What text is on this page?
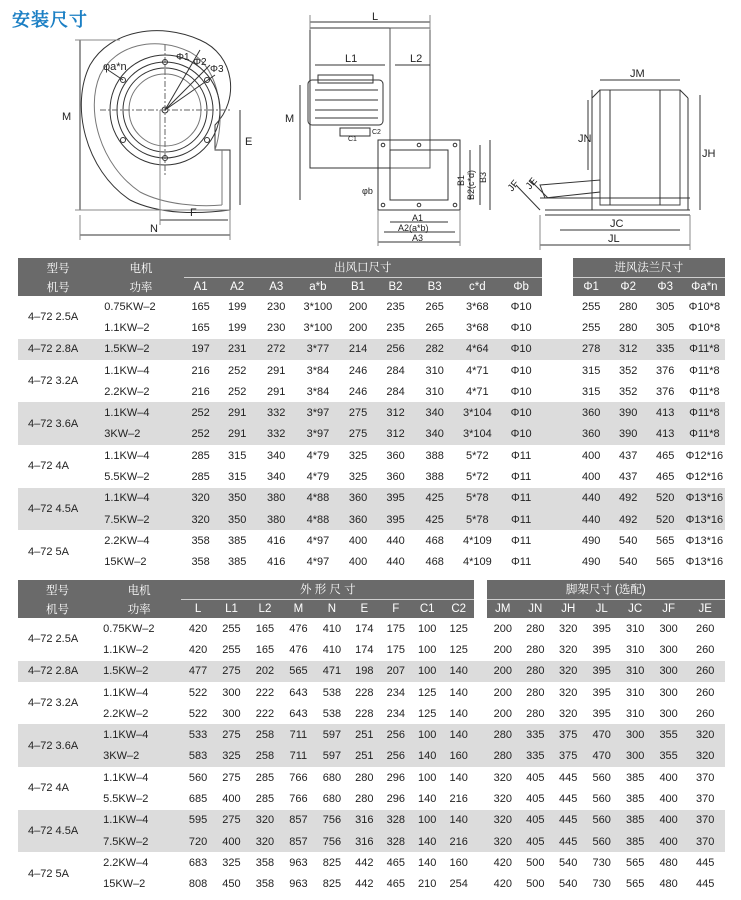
安装尺寸
M
φa*n
Φ1 Φ2
Φ3
E
F
N
L
L1	L2
M
C1
C2
B1 B2(c*d) B3
φb
A1
A2(a*b)
A3
JM
JN
JH
JF JE
JC
JL
型号	电机	出风口尺寸										进风法兰尺寸			
机号	功率	A1	A2	A3	a*b	B1	B2	B3	c*d	Φb		Φ1	Φ2	Φ3	Φa*n
4–72 2.5A	0.75KW–2	165	199	230	3*100	200	235	265	3*68	Φ10		255	280	305	Φ10*8
	1.1KW–2	165	199	230	3*100	200	235	265	3*68	Φ10		255	280	305	Φ10*8
4–72 2.8A	1.5KW–2	197	231	272	3*77	214	256	282	4*64	Φ10		278	312	335	Φ11*8
4–72 3.2A	1.1KW–4	216	252	291	3*84	246	284	310	4*71	Φ10		315	352	376	Φ11*8
	2.2KW–2	216	252	291	3*84	246	284	310	4*71	Φ10		315	352	376	Φ11*8
4–72 3.6A	1.1KW–4	252	291	332	3*97	275	312	340	3*104	Φ10		360	390	413	Φ11*8
	3KW–2	252	291	332	3*97	275	312	340	3*104	Φ10		360	390	413	Φ11*8
4–72 4A	1.1KW–4	285	315	340	4*79	325	360	388	5*72	Φ11		400	437	465	Φ12*16
	5.5KW–2	285	315	340	4*79	325	360	388	5*72	Φ11		400	437	465	Φ12*16
4–72 4.5A	1.1KW–4	320	350	380	4*88	360	395	425	5*78	Φ11		440	492	520	Φ13*16
	7.5KW–2	320	350	380	4*88	360	395	425	5*78	Φ11		440	492	520	Φ13*16
4–72 5A	2.2KW–4	358	385	416	4*97	400	440	468	4*109	Φ11		490	540	565	Φ13*16
	15KW–2	358	385	416	4*97	400	440	468	4*109	Φ11		490	540	565	Φ13*16
型号	电机	外 形 尺 寸										脚架尺寸 (选配)						
机号	功率	L	L1	L2	M	N	E	F	C1	C2		JM	JN	JH	JL	JC	JF	JE
4–72 2.5A	0.75KW–2	420	255	165	476	410	174	175	100	125		200	280	320	395	310	300	260
	1.1KW–2	420	255	165	476	410	174	175	100	125		200	280	320	395	310	300	260
4–72 2.8A	1.5KW–2	477	275	202	565	471	198	207	100	140		200	280	320	395	310	300	260
4–72 3.2A	1.1KW–4	522	300	222	643	538	228	234	125	140		200	280	320	395	310	300	260
	2.2KW–2	522	300	222	643	538	228	234	125	140		200	280	320	395	310	300	260
4–72 3.6A	1.1KW–4	533	275	258	711	597	251	256	100	140		280	335	375	470	300	355	320
	3KW–2	583	325	258	711	597	251	256	140	160		280	335	375	470	300	355	320
4–72 4A	1.1KW–4	560	275	285	766	680	280	296	100	140		320	405	445	560	385	400	370
	5.5KW–2	685	400	285	766	680	280	296	140	216		320	405	445	560	385	400	370
4–72 4.5A	1.1KW–4	595	275	320	857	756	316	328	100	140		320	405	445	560	385	400	370
	7.5KW–2	720	400	320	857	756	316	328	140	216		320	405	445	560	385	400	370
4–72 5A	2.2KW–4	683	325	358	963	825	442	465	140	160		420	500	540	730	565	480	445
	15KW–2	808	450	358	963	825	442	465	210	254		420	500	540	730	565	480	445
